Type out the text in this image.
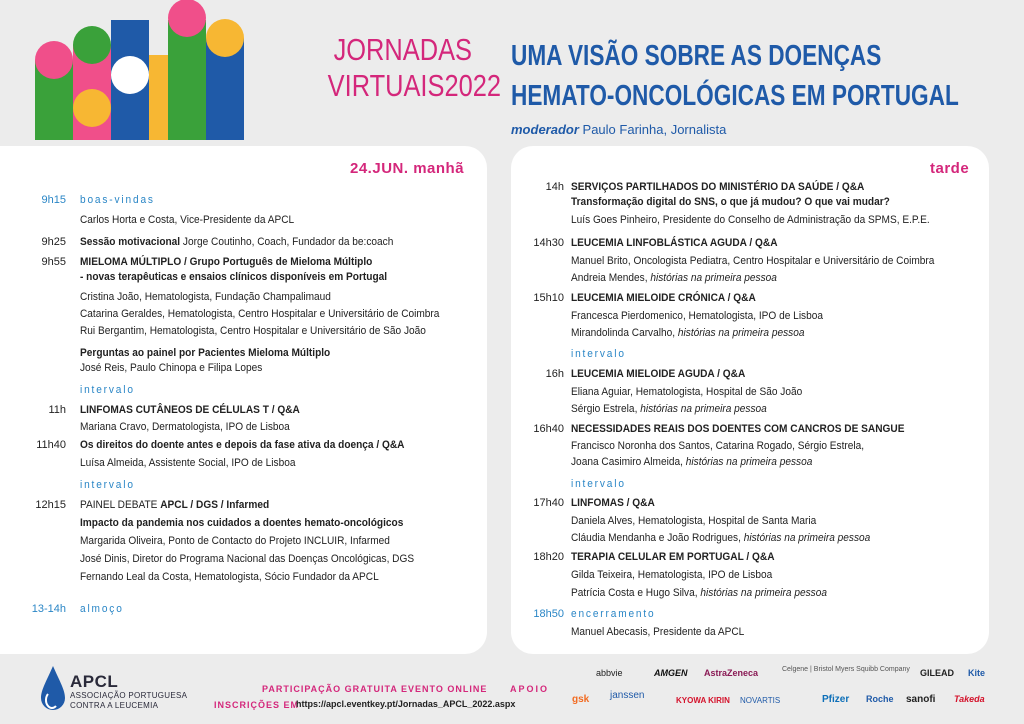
JORNADAS
VIRTUAIS2022
UMA VISÃO SOBRE AS DOENÇAS
HEMATO-ONCOLÓGICAS EM PORTUGAL
moderador Paulo Farinha, Jornalista
24.JUN. manhã	tarde
9h15 boas-vindas
Carlos Horta e Costa, Vice-Presidente da APCL
9h25 Sessão motivacional Jorge Coutinho, Coach, Fundador da be:coach
9h55 MIELOMA MÚLTIPLO / Grupo Português de Mieloma Múltiplo
- novas terapêuticas e ensaios clínicos disponíveis em Portugal
Cristina João, Hematologista, Fundação Champalimaud
Catarina Geraldes, Hematologista, Centro Hospitalar e Universitário de Coimbra
Rui Bergantim, Hematologista, Centro Hospitalar e Universitário de São João
Perguntas ao painel por Pacientes Mieloma Múltiplo
José Reis, Paulo Chinopa e Filipa Lopes
intervalo
11h LINFOMAS CUTÂNEOS DE CÉLULAS T / Q&A
Mariana Cravo, Dermatologista, IPO de Lisboa
11h40 Os direitos do doente antes e depois da fase ativa da doença / Q&A
Luísa Almeida, Assistente Social, IPO de Lisboa
intervalo
12h15 PAINEL DEBATE APCL / DGS / Infarmed
Impacto da pandemia nos cuidados a doentes hemato-oncológicos
Margarida Oliveira, Ponto de Contacto do Projeto INCLUIR, Infarmed
José Dinis, Diretor do Programa Nacional das Doenças Oncológicas, DGS
Fernando Leal da Costa, Hematologista, Sócio Fundador da APCL
13-14h almoço
14h SERVIÇOS PARTILHADOS DO MINISTÉRIO DA SAÚDE / Q&A
Transformação digital do SNS, o que já mudou? O que vai mudar?
Luís Goes Pinheiro, Presidente do Conselho de Administração da SPMS, E.P.E.
14h30 LEUCEMIA LINFOBLÁSTICA AGUDA / Q&A
Manuel Brito, Oncologista Pediatra, Centro Hospitalar e Universitário de Coimbra
Andreia Mendes, histórias na primeira pessoa
15h10 LEUCEMIA MIELOIDE CRÓNICA / Q&A
Francesca Pierdomenico, Hematologista, IPO de Lisboa
Mirandolinda Carvalho, histórias na primeira pessoa
intervalo
16h LEUCEMIA MIELOIDE AGUDA / Q&A
Eliana Aguiar, Hematologista, Hospital de São João
Sérgio Estrela, histórias na primeira pessoa
16h40 NECESSIDADES REAIS DOS DOENTES COM CANCROS DE SANGUE
Francisco Noronha dos Santos, Catarina Rogado, Sérgio Estrela,
Joana Casimiro Almeida, histórias na primeira pessoa
intervalo
17h40 LINFOMAS / Q&A
Daniela Alves, Hematologista, Hospital de Santa Maria
Cláudia Mendanha e João Rodrigues, histórias na primeira pessoa
18h20 TERAPIA CELULAR EM PORTUGAL / Q&A
Gilda Teixeira, Hematologista, IPO de Lisboa
Patrícia Costa e Hugo Silva, histórias na primeira pessoa
18h50 encerramento
Manuel Abecasis, Presidente da APCL
APCL
ASSOCIAÇÃO PORTUGUESA
CONTRA A LEUCEMIA
PARTICIPAÇÃO GRATUITA EVENTO ONLINE
INSCRIÇÕES EM
https://apcl.eventkey.pt/Jornadas_APCL_2022.aspx
APOIO
abbvie	AMGEN AstraZeneca	Celgene | Bristol Myers Squibb Company GILEAD Kite
gsk janssen	KYOWA KIRIN NOVARTIS	Pfizer Roche sanofi Takeda
